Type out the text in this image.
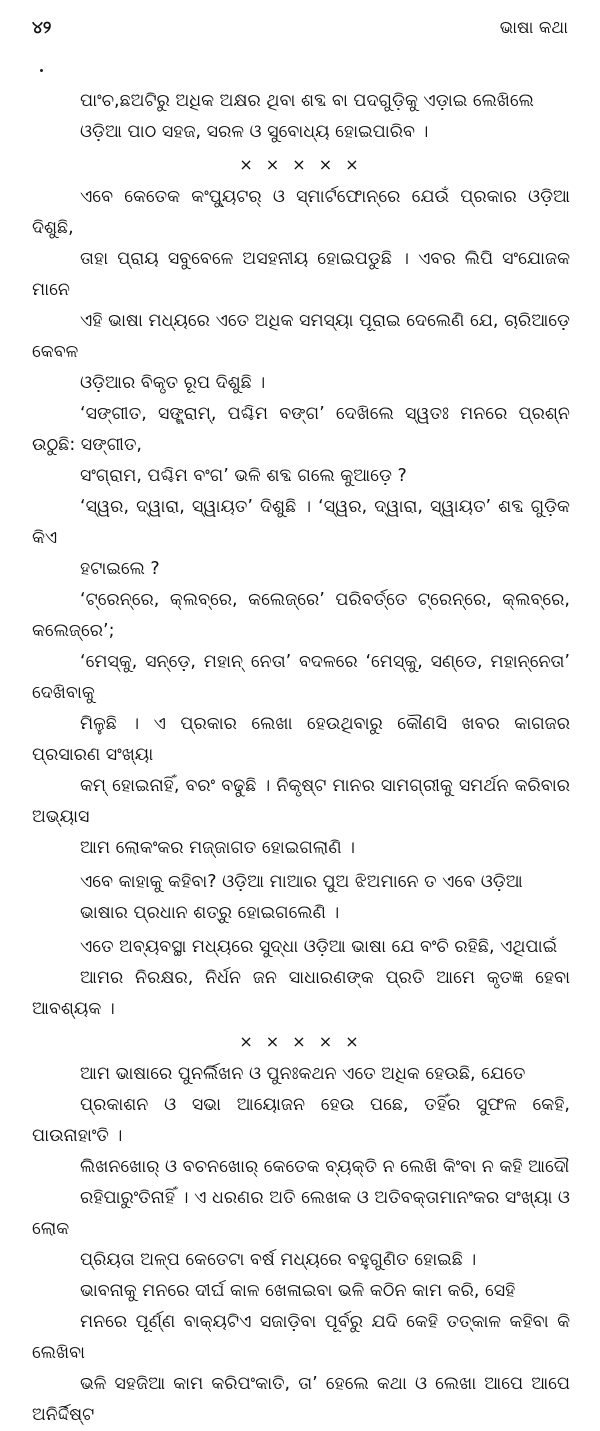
୪୨	ଭାଷା କଥା

ପାଂଚ,ଛଅଟିରୁ ଅଧିକ ଅକ୍ଷର ଥିବା ଶବ୍ଦ ବା ପଦଗୁଡ଼ିକୁ ଏଡ଼ାଇ ଲେଖିଲେ
ଓଡ଼ିଆ ପାଠ ସହଜ, ସରଳ ଓ ସୁବୋଧ୍ୟ ହୋଇପାରିବ ।

× × × × ×

ଏବେ କେତେକ କଂପ୍ୟୁଟର୍ ଓ ସ୍ମାର୍ଟଫୋନ୍‌ରେ ଯେଉଁ ପ୍ରକାର ଓଡ଼ିଆ ଦିଶୁଛି,
ତାହା ପ୍ରାୟ ସବୁବେଳେ ଅସହନୀୟ ହୋଇପଡୁଛି । ଏବର ଲିପି ସଂଯୋଜକ ମାନେ
ଏହି ଭାଷା ମଧ୍ୟରେ ଏତେ ଅଧିକ ସମସ୍ୟା ପୂରାଇ ଦେଲେଣି ଯେ, ଚାରିଆଡ଼େ କେବଳ
ଓଡ଼ିଆର ବିକୃତ ରୂପ ଦିଶୁଛି ।

‘ସଙ୍ଗୀତ, ସଙ୍ଗ୍ରାମ୍, ପଶ୍ଚିମ ବଙ୍ଗ’ ଦେଖିଲେ ସ୍ୱତଃ ମନରେ ପ୍ରଶ୍ନ ଉଠୁଛି: ସଙ୍ଗୀତ,
ସଂଗ୍ରାମ, ପଶ୍ଚିମ ବଂଗ’ ଭଳି ଶବ୍ଦ ଗଲେ କୁଆଡ଼େ ?

‘ସ୍ୱର, ଦ୍ୱାରା, ସ୍ୱାୟତ’ ଦିଶୁଛି । ‘ସ୍ୱର, ଦ୍ୱାରା, ସ୍ୱାୟତ’ ଶବ୍ଦ ଗୁଡ଼ିକ କିଏ
ହଟାଇଲେ ?

‘ଟ୍ରେନ୍‌ରେ, କ୍ଲବ୍‌ରେ, କଲେଜ୍‌ରେ’ ପରିବର୍ତ୍ତେ ଟ୍ରେନ୍‌ରେ, କ୍ଲବ୍‌ରେ, କଲେଜ୍‌ରେ’;
‘ମେସ୍କୁ, ସନ୍‌ଡ଼େ, ମହାନ୍ ନେତା’ ବଦଳରେ ‘ମେସ୍କୁ, ସଣ୍ଡେ, ମହାନ୍ନେତା’ ଦେଖିବାକୁ
ମିଳୁଛି । ଏ ପ୍ରକାର ଲେଖା ହେଉଥିବାରୁ କୌଣସି ଖବର କାଗଜର ପ୍ରସାରଣ ସଂଖ୍ୟା
କମ୍ ହୋଇନାହିଁ, ବରଂ ବଢୁଛି । ନିକୃଷ୍ଟ ମାନର ସାମଗ୍ରୀକୁ ସମର୍ଥନ କରିବାର ଅଭ୍ୟାସ
ଆମ ଲୋକଂକର ମଜ୍ଜାଗତ ହୋଇଗଲାଣି ।

ଏବେ କାହାକୁ କହିବା? ଓଡ଼ିଆ ମାଆର ପୁଅ ଝିଅମାନେ ତ ଏବେ ଓଡ଼ିଆ
ଭାଷାର ପ୍ରଧାନ ଶତ୍ରୁ ହୋଇଗଲେଣି ।

ଏତେ ଅବ୍ୟବସ୍ଥା ମଧ୍ୟରେ ସୁଦ୍ଧା ଓଡ଼ିଆ ଭାଷା ଯେ ବଂଚି ରହିଛି, ଏଥିପାଇଁ
ଆମର ନିରକ୍ଷର, ନିର୍ଧନ ଜନ ସାଧାରଣଙ୍କ ପ୍ରତି ଆମେ କୃତଜ୍ଞ ହେବା ଆବଶ୍ୟକ ।

× × × × ×

ଆମ ଭାଷାରେ ପୁନର୍ଲିଖନ ଓ ପୁନଃକଥନ ଏତେ ଅଧିକ ହେଉଛି, ଯେତେ
ପ୍ରକାଶନ ଓ ସଭା ଆୟୋଜନ ହେଉ ପଛେ, ତହିଁର ସୁଫଳ କେହି, ପାଉନାହାଂତି ।
ଲିଖନଖୋର୍ ଓ ବଚନଖୋର୍ କେତେକ ବ୍ୟକ୍ତି ନ ଲେଖି କିଂବା ନ କହି ଆଦୌ
ରହିପାରୁଂତିନାହିଁ । ଏ ଧରଣର ଅତି ଲେଖକ ଓ ଅତିବକ୍ତାମାନଂକର ସଂଖ୍ୟା ଓ ଲୋକ
ପ୍ରିୟତା ଅଳ୍ପ କେତେଟା ବର୍ଷ ମଧ୍ୟରେ ବହୁଗୁଣିତ ହୋଇଛି ।

ଭାବନାକୁ ମନରେ ଦୀର୍ଘ କାଳ ଖେଳାଇବା ଭଳି କଠିନ କାମ କରି, ସେହି
ମନରେ ପୂର୍ଣ୍ଣ ବାକ୍ୟଟିଏ ସଜାଡ଼ିବା ପୂର୍ବରୁ ଯଦି କେହି ତତ୍କାଳ କହିବା କି ଲେଖିବା
ଭଳି ସହଜିଆ କାମ କରିପଂକାତି, ତା’ ହେଲେ କଥା ଓ ଲେଖା ଆପେ ଆପେ ଅନିର୍ଦ୍ଦିଷ୍ଟ
